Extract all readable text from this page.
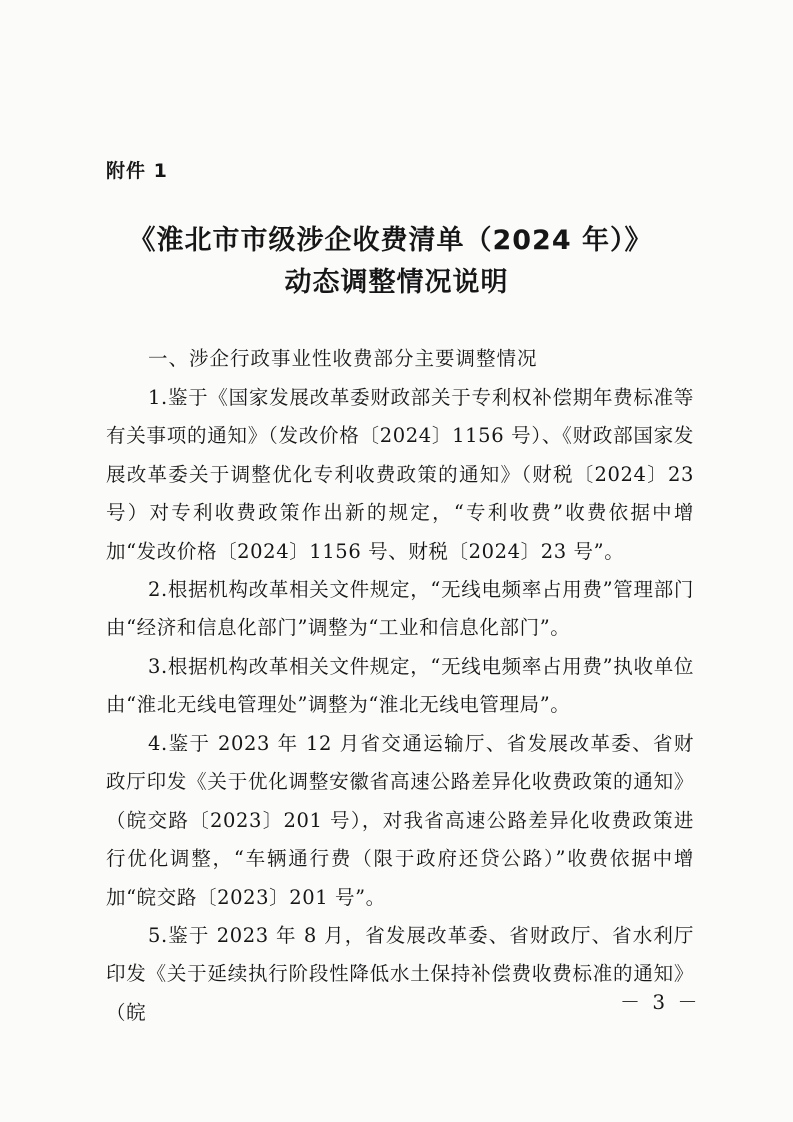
附件 1
《淮北市市级涉企收费清单（2024 年）》
动态调整情况说明
一、涉企行政事业性收费部分主要调整情况
1.鉴于《国家发展改革委财政部关于专利权补偿期年费标准等有关事项的通知》（发改价格〔2024〕1156 号）、《财政部国家发展改革委关于调整优化专利收费政策的通知》（财税〔2024〕23 号）对专利收费政策作出新的规定，“专利收费”收费依据中增加“发改价格〔2024〕1156 号、财税〔2024〕23 号”。
2.根据机构改革相关文件规定，“无线电频率占用费”管理部门由“经济和信息化部门”调整为“工业和信息化部门”。
3.根据机构改革相关文件规定，“无线电频率占用费”执收单位由“淮北无线电管理处”调整为“淮北无线电管理局”。
4.鉴于 2023 年 12 月省交通运输厅、省发展改革委、省财政厅印发《关于优化调整安徽省高速公路差异化收费政策的通知》（皖交路〔2023〕201 号），对我省高速公路差异化收费政策进行优化调整，“车辆通行费（限于政府还贷公路）”收费依据中增加“皖交路〔2023〕201 号”。
5.鉴于 2023 年 8 月，省发展改革委、省财政厅、省水利厅印发《关于延续执行阶段性降低水土保持补偿费收费标准的通知》（皖	－ 3 －
